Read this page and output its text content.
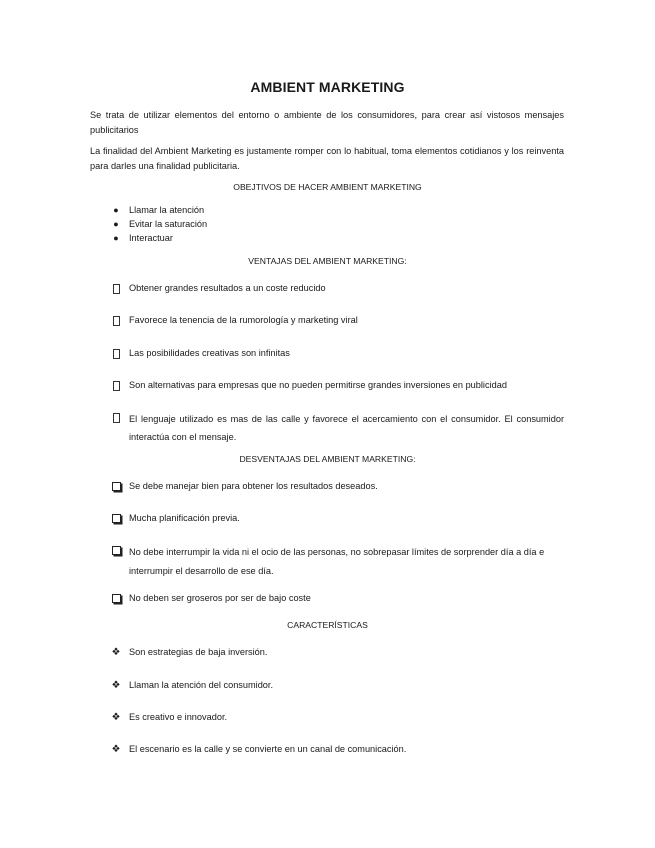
AMBIENT MARKETING
Se trata de utilizar elementos del entorno o ambiente de los consumidores, para crear así vistosos mensajes publicitarios
La finalidad del Ambient Marketing es justamente romper con lo habitual, toma elementos cotidianos y los reinventa para darles una finalidad publicitaria.
OBEJTIVOS DE HACER AMBIENT MARKETING
●	Llamar la atención
●	Evitar la saturación
●	Interactuar
VENTAJAS DEL AMBIENT MARKETING:
Obtener grandes resultados a un coste reducido
Favorece la tenencia de la rumorología y marketing viral
Las posibilidades creativas son infinitas
Son alternativas para empresas que no pueden permitirse grandes inversiones en publicidad
El lenguaje utilizado es mas de las calle y favorece el acercamiento con el consumidor. El consumidor interactúa con el mensaje.
DESVENTAJAS DEL AMBIENT MARKETING:
Se debe manejar bien para obtener los resultados deseados.
Mucha planificación previa.
No debe interrumpir la vida ni el ocio de las personas, no sobrepasar límites de sorprender día a día e interrumpir el desarrollo de ese día.
No deben ser groseros por ser de bajo coste
CARACTERÍSTICAS
❖ Son estrategias de baja inversión.
❖ Llaman la atención del consumidor.
❖ Es creativo e innovador.
❖ El escenario es la calle y se convierte en un canal de comunicación.
